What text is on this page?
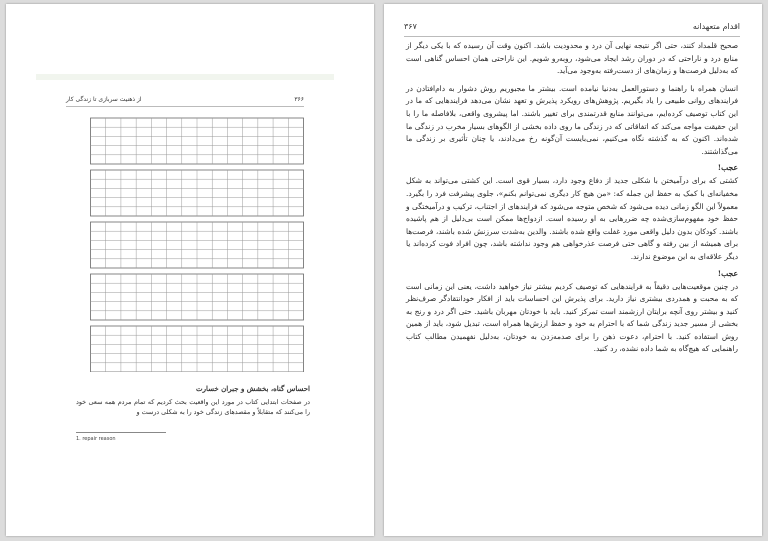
۳۶۶
از ذهنیت سربازی تا زندگی کار
احساس گناه، بخشش و جبران خسارت

در صفحات ابتدایی کتاب در مورد این واقعیت بحث کردیم که تمام مردم همه سعی خود را می‌کنند که متقابلاً و مقصدهای زندگی خود را به شکلی درست و

1. repair reason
اقدام متعهدانه
۳۶۷

صحیح قلمداد کنند، حتی اگر نتیجه نهایی آن درد و محدودیت باشد. اکنون وقت آن رسیده که با یکی دیگر از منابع درد و ناراحتی که در دوران رشد ایجاد می‌شود، روبه‌رو شویم. این ناراحتی همان احساس گناهی است که به‌دلیل فرصت‌ها و زمان‌های از دست‌رفته به‌وجود می‌آید.

انسان همراه با راهنما و دستورالعمل به‌دنیا نیامده است. بیشتر ما مجبوریم روش دشوار به دام‌افتادن در فرایندهای روانی طبیعی را یاد بگیریم. پژوهش‌های رویکرد پذیرش و تعهد نشان می‌دهد فرایندهایی که ما در این کتاب توصیف کرده‌ایم، می‌توانند منابع قدرتمندی برای تغییر باشند. اما پیشروی واقعی، بلافاصله ما را با این حقیقت مواجه می‌کند که اتفاقاتی که در زندگی ما روی داده بخشی از الگوهای بسیار مخرب در زندگی ما شده‌اند. اکنون که به گذشته نگاه می‌کنیم، نمی‌بایست آن‌گونه رخ می‌دادند، یا چنان تأثیری بر زندگی ما می‌گذاشتند.

عجب!

کشتی که برای درآمیختن با شکلی جدید از دفاع وجود دارد، بسیار قوی است. این کشتی می‌تواند به شکل مخفیانه‌ای با کمک به حفظ این جمله که: «من هیچ کار دیگری نمی‌توانم بکنم»، جلوی پیشرفت فرد را بگیرد. معمولاً این الگو زمانی دیده می‌شود که شخص متوجه می‌شود که فرایندهای از اجتناب، ترکیب و درآمیختگی و حفظ خود مفهوم‌سازی‌شده چه ضررهایی به او رسیده است. ازدواج‌ها ممکن است بی‌دلیل از هم پاشیده باشند. کودکان بدون دلیل واقعی مورد غفلت واقع شده باشند. والدین به‌شدت سرزنش شده باشند، فرصت‌ها برای همیشه از بین رفته و گاهی حتی فرصت عذرخواهی هم وجود نداشته باشد، چون افراد فوت کرده‌اند یا دیگر علاقه‌ای به این موضوع ندارند.

عجب!

در چنین موقعیت‌هایی دقیقاً به فرایندهایی که توصیف کردیم بیشتر نیاز خواهید داشت، یعنی این زمانی است که به محبت و همدردی بیشتری نیاز دارید. برای پذیرش این احساسات باید از افکار خودانتقادگر صرف‌نظر کنید و بیشتر روی آنچه برایتان ارزشمند است تمرکز کنید. باید با خودتان مهربان باشید. حتی اگر درد و رنج به بخشی از مسیر جدید زندگی شما که با احترام به خود و حفظ ارزش‌ها همراه است، تبدیل شود، باید از همین روش استفاده کنید. با احترام، دعوت ذهن را برای صدمه‌زدن به خودتان، به‌دلیل نفهمیدن مطالب کتاب راهنمایی که هیچ‌گاه به شما داده نشده، رد کنید.
